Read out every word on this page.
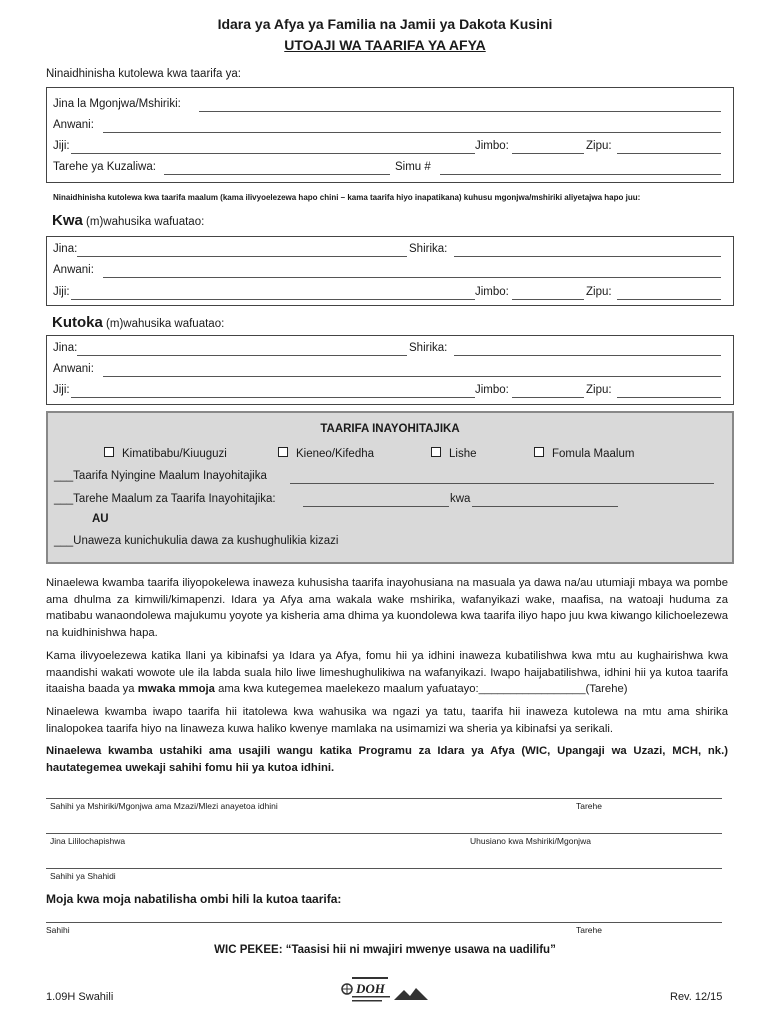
Idara ya Afya ya Familia na Jamii ya Dakota Kusini
UTOAJI WA TAARIFA YA AFYA
Ninaidhinisha kutolewa kwa taarifa ya:
Jina la Mgonjwa/Mshiriki:
Anwani:
Jiji:	Jimbo:	Zipu:
Tarehe ya Kuzaliwa:	Simu #
Ninaidhinisha kutolewa kwa taarifa maalum (kama ilivyoelezewa hapo chini – kama taarifa hiyo inapatikana) kuhusu mgonjwa/mshiriki aliyetajwa hapo juu:
Kwa (m)wahusika wafuatao:
Jina:	Shirika:
Anwani:
Jiji:	Jimbo:	Zipu:
Kutoka (m)wahusika wafuatao:
Jina:	Shirika:
Anwani:
Jiji:	Jimbo:	Zipu:
TAARIFA INAYOHITAJIKA
Kimatibabu/Kiuuguzi	Kieneo/Kifedha	Lishe	Fomula Maalum
___Taarifa Nyingine Maalum Inayohitajika
___Tarehe Maalum za Taarifa Inayohitajika:	kwa
AU
___Unaweza kunichukulia dawa za kushughulikia kizazi
Ninaelewa kwamba taarifa iliyopokelewa inaweza kuhusisha taarifa inayohusiana na masuala ya dawa na/au utumiaji mbaya wa pombe ama dhulma za kimwili/kimapenzi. Idara ya Afya ama wakala wake mshirika, wafanyikazi wake, maafisa, na watoaji huduma za matibabu wanaondolewa majukumu yoyote ya kisheria ama dhima ya kuondolewa kwa taarifa iliyo hapo juu kwa kiwango kilichoelezewa na kuidhinishwa hapa.
Kama ilivyoelezewa katika llani ya kibinafsi ya Idara ya Afya, fomu hii ya idhini inaweza kubatilishwa kwa mtu au kughairishwa kwa maandishi wakati wowote ule ila labda suala hilo liwe limeshughulikiwa na wafanyikazi. Iwapo haijabatilishwa, idhini hii ya kutoa taarifa itaaisha baada ya mwaka mmoja ama kwa kutegemea maelekezo maalum yafuatayo:_________________(Tarehe)
Ninaelewa kwamba iwapo taarifa hii itatolewa kwa wahusika wa ngazi ya tatu, taarifa hii inaweza kutolewa na mtu ama shirika linalopokea taarifa hiyo na linaweza kuwa haliko kwenye mamlaka na usimamizi wa sheria ya kibinafsi ya serikali.
Ninaelewa kwamba ustahiki ama usajili wangu katika Programu za Idara ya Afya (WIC, Upangaji wa Uzazi, MCH, nk.) hautategemea uwekaji sahihi fomu hii ya kutoa idhini.
Sahihi ya Mshiriki/Mgonjwa ama Mzazi/Mlezi anayetoa idhini	Tarehe
Jina Lililochapishwa	Uhusiano kwa Mshiriki/Mgonjwa
Sahihi ya Shahidi
Moja kwa moja nabatilisha ombi hili la kutoa taarifa:
Sahihi	Tarehe
WIC PEKEE: “Taasisi hii ni mwajiri mwenye usawa na uadilifu”
1.09H Swahili
DOH
Rev. 12/15
